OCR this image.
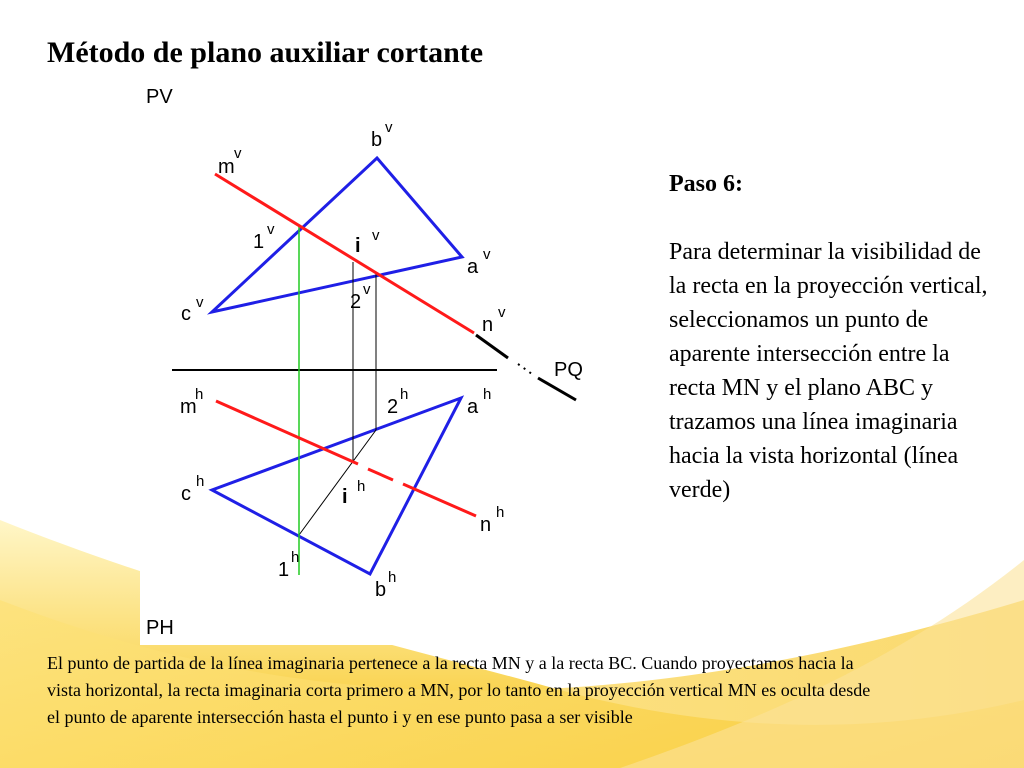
Método de plano auxiliar cortante
PV
PH
PQ
b
v
m
v
1
v
i v
a
v
2
v
c
v
n
v
m
h
2
h
a
h
c
h
i h
n
h
1
h
b
h

Paso 6:

Para determinar la visibilidad de la recta en la proyección vertical, seleccionamos un punto de aparente intersección entre la recta MN y el plano ABC y trazamos una línea imaginaria hacia la vista horizontal (línea verde)

El punto de partida de la línea imaginaria pertenece a la recta MN y a la recta BC. Cuando proyectamos hacia la vista horizontal, la recta imaginaria corta primero a MN, por lo tanto en la proyección vertical MN es oculta desde el punto de aparente intersección hasta el punto i y en ese punto pasa a ser visible
